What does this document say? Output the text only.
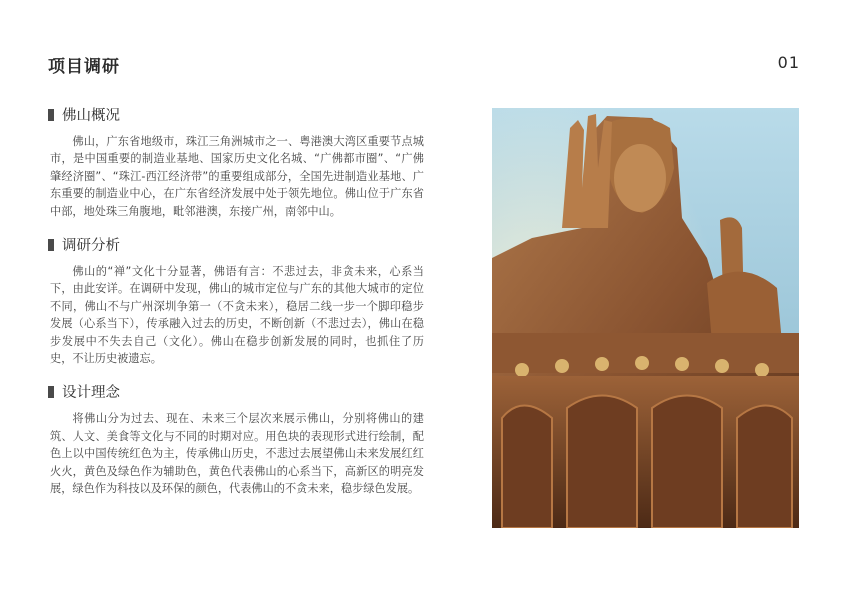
项目调研	01
佛山概况

佛山，广东省地级市，珠江三角洲城市之一、粤港澳大湾区重要节点城市，是中国重要的制造业基地、国家历史文化名城、“广佛都市圈”、“广佛肇经济圈”、“珠江-西江经济带”的重要组成部分，全国先进制造业基地、广东重要的制造业中心，在广东省经济发展中处于领先地位。佛山位于广东省中部，地处珠三角腹地，毗邻港澳，东接广州，南邻中山。

调研分析

佛山的“禅”文化十分显著，佛语有言：不悲过去，非贪未来，心系当下，由此安详。在调研中发现，佛山的城市定位与广东的其他大城市的定位不同，佛山不与广州深圳争第一（不贪未来），稳居二线一步一个脚印稳步发展（心系当下），传承融入过去的历史，不断创新（不悲过去），佛山在稳步发展中不失去自己（文化）。佛山在稳步创新发展的同时，也抓住了历史，不让历史被遗忘。

设计理念

将佛山分为过去、现在、未来三个层次来展示佛山，分别将佛山的建筑、人文、美食等文化与不同的时期对应。用色块的表现形式进行绘制，配色上以中国传统红色为主，传承佛山历史，不悲过去展望佛山未来发展红红火火，黄色及绿色作为辅助色，黄色代表佛山的心系当下，高新区的明亮发展，绿色作为科技以及环保的颜色，代表佛山的不贪未来，稳步绿色发展。
